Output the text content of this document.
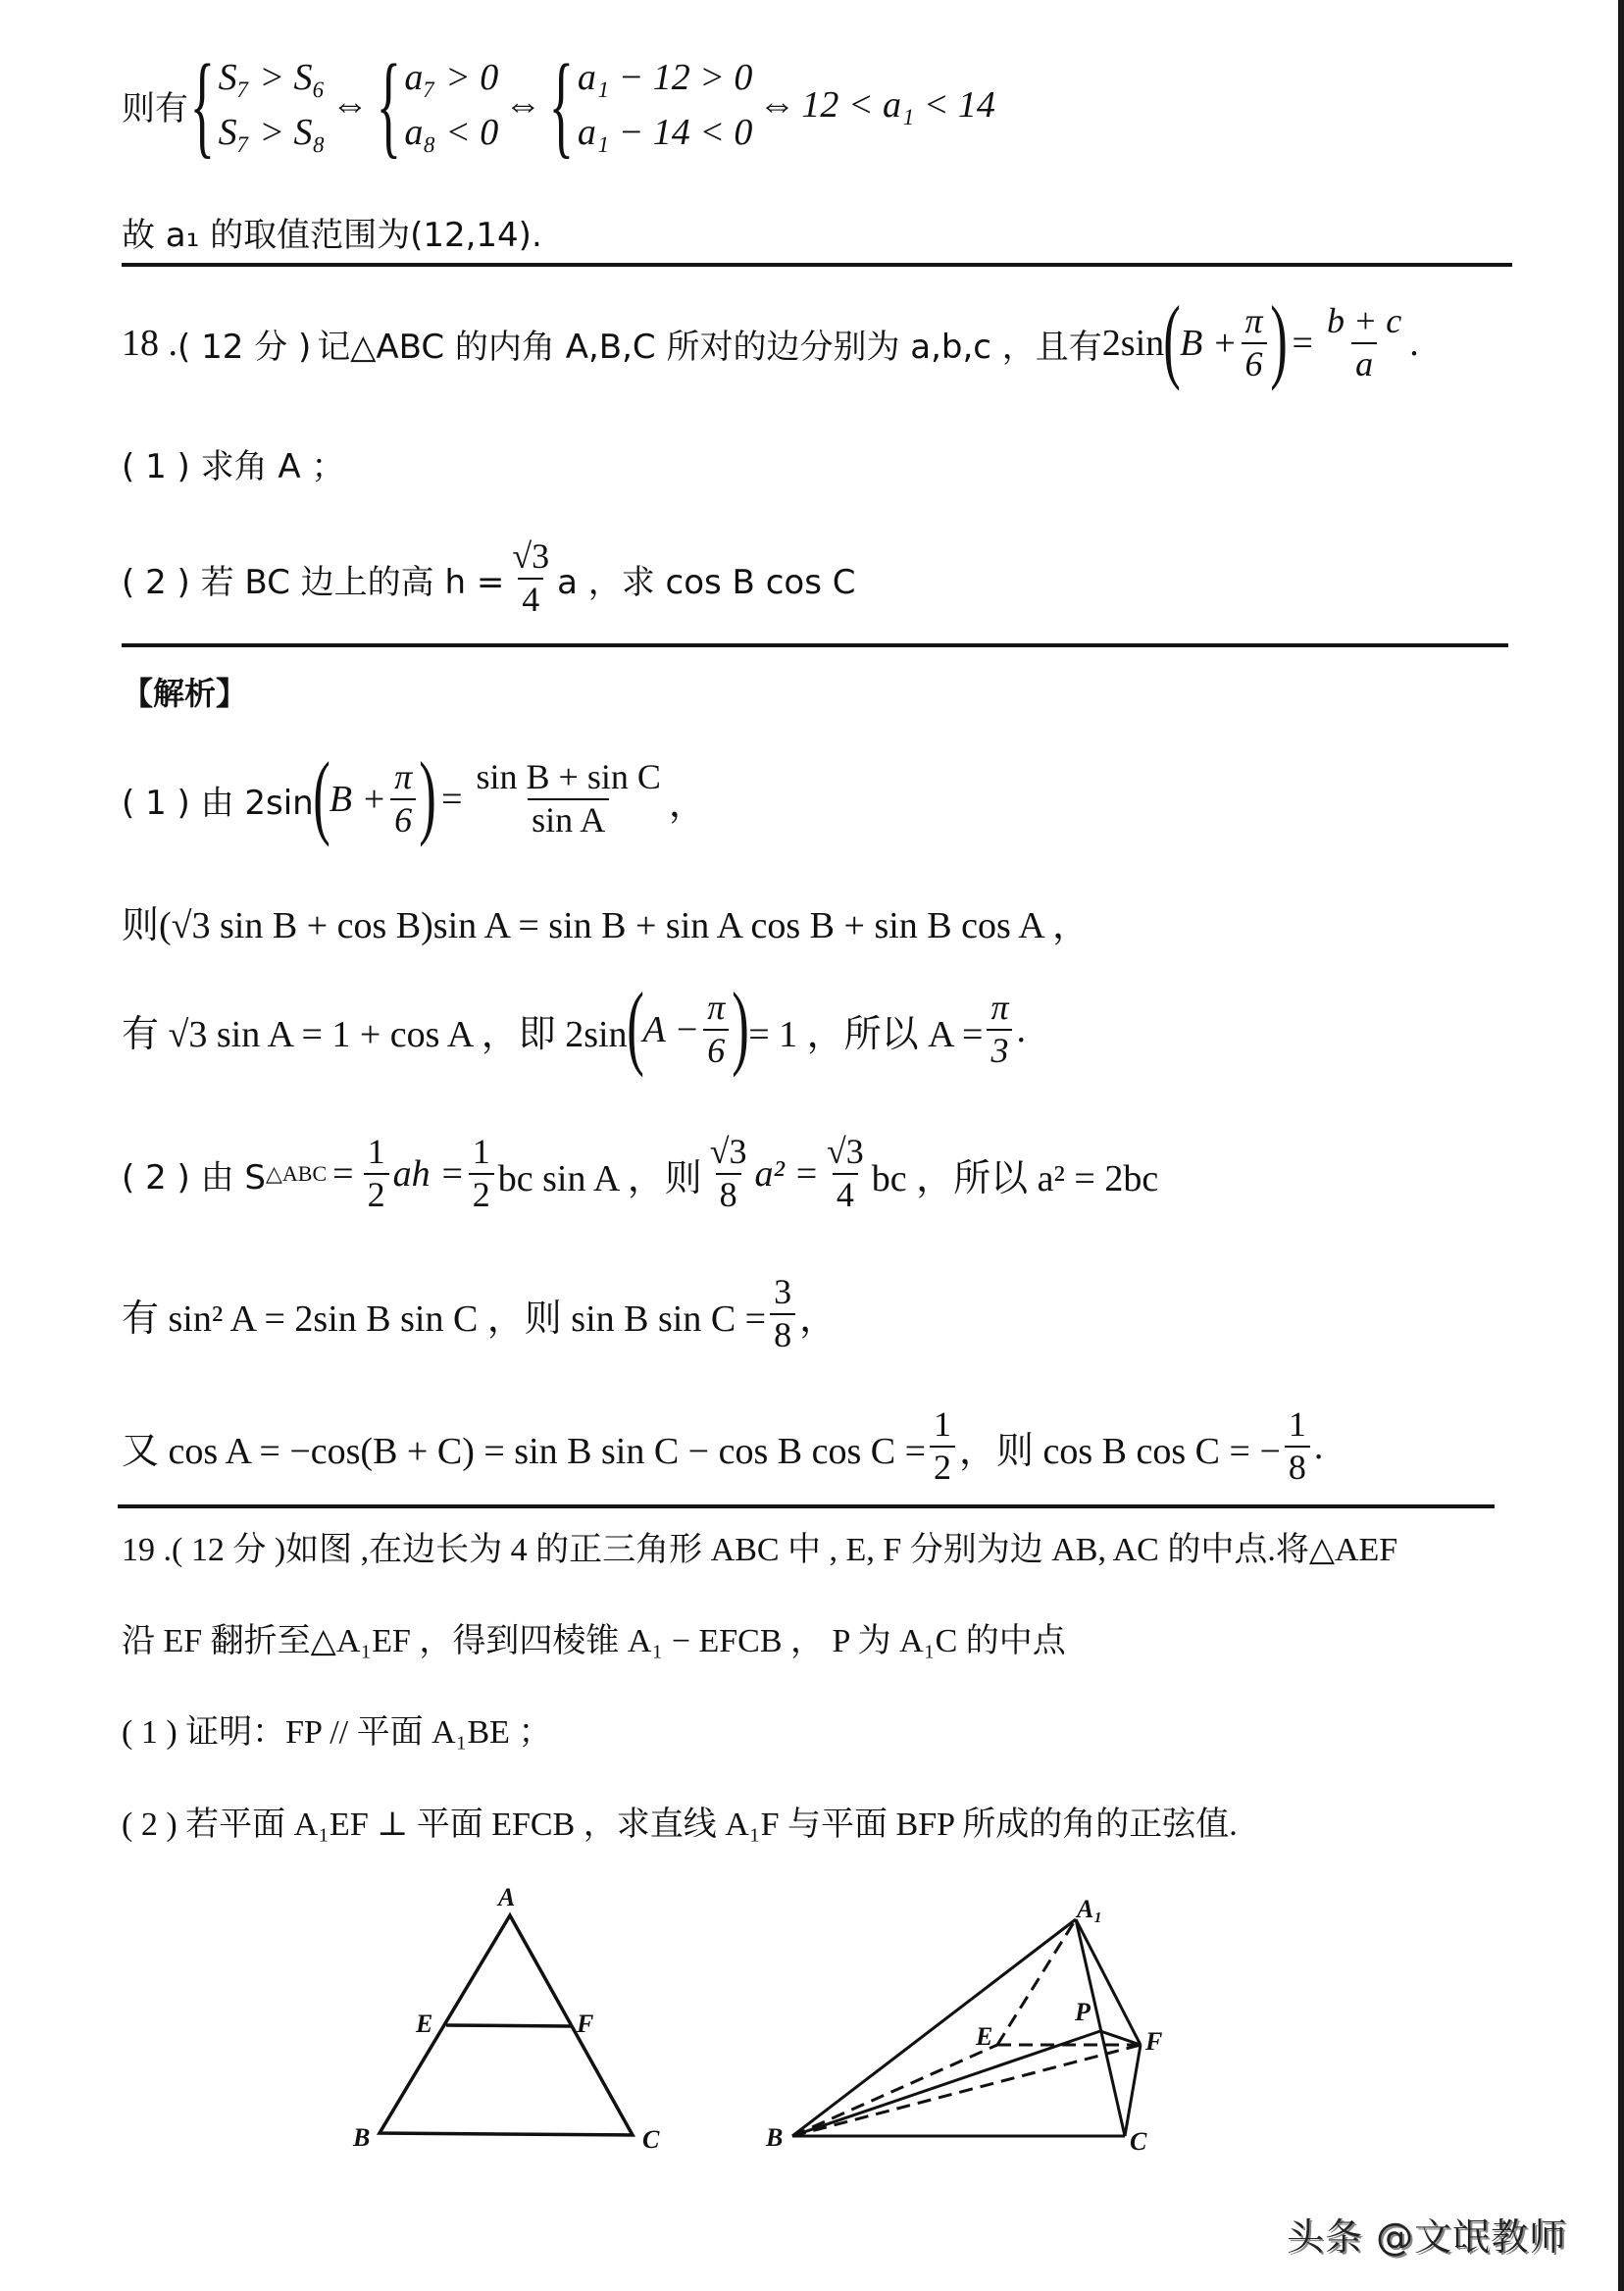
则有 { S₇ > S₆
S₇ > S₈
⇔ { a₇ > 0
a₈ < 0
⇔ { a₁ − 12 > 0
a₁ − 14 < 0
⇔ 12 < a₁ < 14
故 a₁ 的取值范围为(12,14).
18 . ( 12 分 ) 记△ABC 的内角 A,B,C 所对的边分别为 a,b,c ，且有 2sin ( $B + \frac{\pi}{6}$ ) = $\frac{b + c}{a}$ .
( 1 ) 求角 A ；
( 2 ) 若 BC 边上的高 $h = \frac{√3}{4}$ a ，求 cos B cos C
【解析】
( 1 ) 由 2sin ( $B + \frac{\pi}{6}$ ) = $\frac{\text{sin B + sin C}}{\text{sin A}}$ ，
则(√3 sin B + cos B)sin A = sin B + sin A cos B + sin B cos A ，
有 √3 sin A = 1 + cos A ，即 2sin ( $A - \frac{\pi}{6}$ ) = 1 ，所以 $A = \frac{\pi}{3}$ .
( 2 ) 由 S △ABC = $\frac{1}{2}$ ah = $\frac{1}{2}$ bc sin A ，则 $\frac{√3}{8} a^2 = \frac{√3}{4}$ bc ，所以 a² = 2bc
有 sin² A = 2sin B sin C ，则 sin B $\sin C = \frac{3}{8}$ ，
又 cos A = −cos(B + C) = sin B sin C − cos B $\cos C = \frac{1}{2}$ ，则 cos B cos C = − $\frac{1}{8}$ .
19 .( 12 分 )如图 ,在边长为 4 的正三角形 ABC 中 , E, F 分别为边 AB, AC 的中点.将△AEF
沿 EF 翻折至△A₁EF ，得到四棱锥 A₁ − EFCB ， P 为 A₁C 的中点
( 1 ) 证明：FP // 平面 A₁BE ；
( 2 ) 若平面 A₁EF ⊥ 平面 EFCB ，求直线 A₁F 与平面 BFP 所成的角的正弦值.
A
E	F
B	C
A₁
E	F
P
B	C
头条 @文氓教师
